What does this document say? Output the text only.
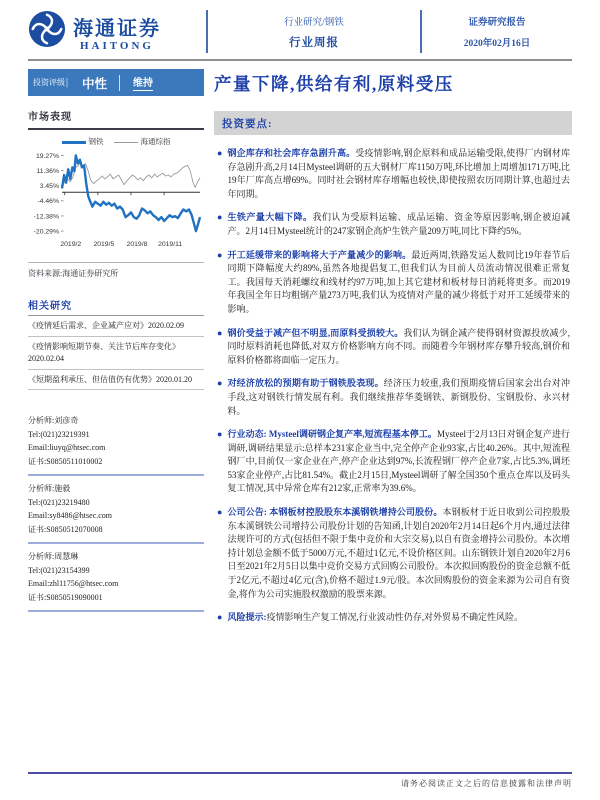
海通证券
HAITONG
行业研究/钢铁
行业周报
证券研究报告
2020年02月16日
投资评级 | 中性	维持
市场表现
钢铁	海通综指
19.27%
11.36%
3.45%
-4.46%
-12.38%
-20.29%
2019/2 2019/5 2019/8 2019/11
资料来源:海通证券研究所
相关研究
《疫情延后需求、企业减产应对》2020.02.09
《疫情影响短期节奏、关注节后库存变化》2020.02.04
《短期盈利承压、但估值仍有优势》2020.01.20
分析师:刘彦奇
Tel:(021)23219391
Email:liuyq@htsec.com
证书:S0850511010002
分析师:施毅
Tel:(021)23219480
Email:sy8486@htsec.com
证书:S0850512070008
分析师:周慧琳
Tel:(021)23154399
Email:zhl11756@htsec.com
证书:S0850519090001
产量下降,供给有利,原料受压
投资要点:
● 钢企库存和社会库存急剧升高。受疫情影响,钢企原料和成品运输受限,使得厂内钢材库存急剧升高,2月14日Mysteel调研的五大钢材厂库1150万吨,环比增加上周增加171万吨,比19年厂库高点增69%。同时社会钢材库存增幅也较快,即使按照农历同期计算,也超过去年同期。
● 生铁产量大幅下降。我们认为受原料运输、成品运输、资金等原因影响,钢企被迫减产。2月14日Mysteel统计的247家钢企高炉生铁产量209万吨,同比下降约5%。
● 开工延缓带来的影响将大于产量减少的影响。最近两周,铁路发运人数同比19年春节后同期下降幅度大约89%,虽然各地提倡复工,但我们认为目前人员流动情况很难正常复工。我国每天消耗螺纹和线材约97万吨,加上其它建材和板材每日消耗将更多。而2019年我国全年日均粗钢产量273万吨,我们认为疫情对产量的减少将低于对开工延缓带来的影响。
● 钢价受益于减产但不明显,而原料受损较大。我们认为钢企减产使得钢材资源投放减少,同时原料消耗也降低,对双方价格影响方向不同。而随着今年钢材库存攀升较高,钢价和原料价格都将面临一定压力。
● 对经济放松的预期有助于钢铁股表现。经济压力较重,我们预期疫情后国家会出台对冲手段,这对钢铁行情发展有利。我们继续推荐华菱钢铁、新钢股份、宝钢股份、永兴材料。
● 行业动态: Mysteel调研钢企复产率,短流程基本停工。Mysteel于2月13日对钢企复产进行调研,调研结果显示:总样本231家企业当中,完全停产企业93家,占比40.26%。其中,短流程钢厂中,目前仅一家企业在产,停产企业达到97%,长流程钢厂停产企业7家,占比5.3%,调坯53家企业停产,占比81.54%。截止2月15日,Mysteel调研了解全国350个重点仓库以及码头复工情况,其中异常仓库有212家,正常率为39.6%。
● 公司公告: 本钢板材控股股东本溪钢铁增持公司股份。本钢板材于近日收到公司控股股东本溪钢铁公司增持公司股份计划的告知函,计划自2020年2月14日起6个月内,通过法律法规许可的方式(包括但不限于集中竞价和大宗交易),以自有资金增持公司股份。本次增持计划总金额不低于5000万元,不超过1亿元,不设价格区间。山东钢铁计划自2020年2月6日至2021年2月5日以集中竞价交易方式回购公司股份。本次拟回购股份的资金总额不低于2亿元,不超过4亿元(含),价格不超过1.9元/股。本次回购股份的资金来源为公司自有资金,将作为公司实施股权激励的股票来源。
● 风险提示:疫情影响生产复工情况,行业波动性仍存,对外贸易不确定性风险。
请务必阅读正文之后的信息披露和法律声明
